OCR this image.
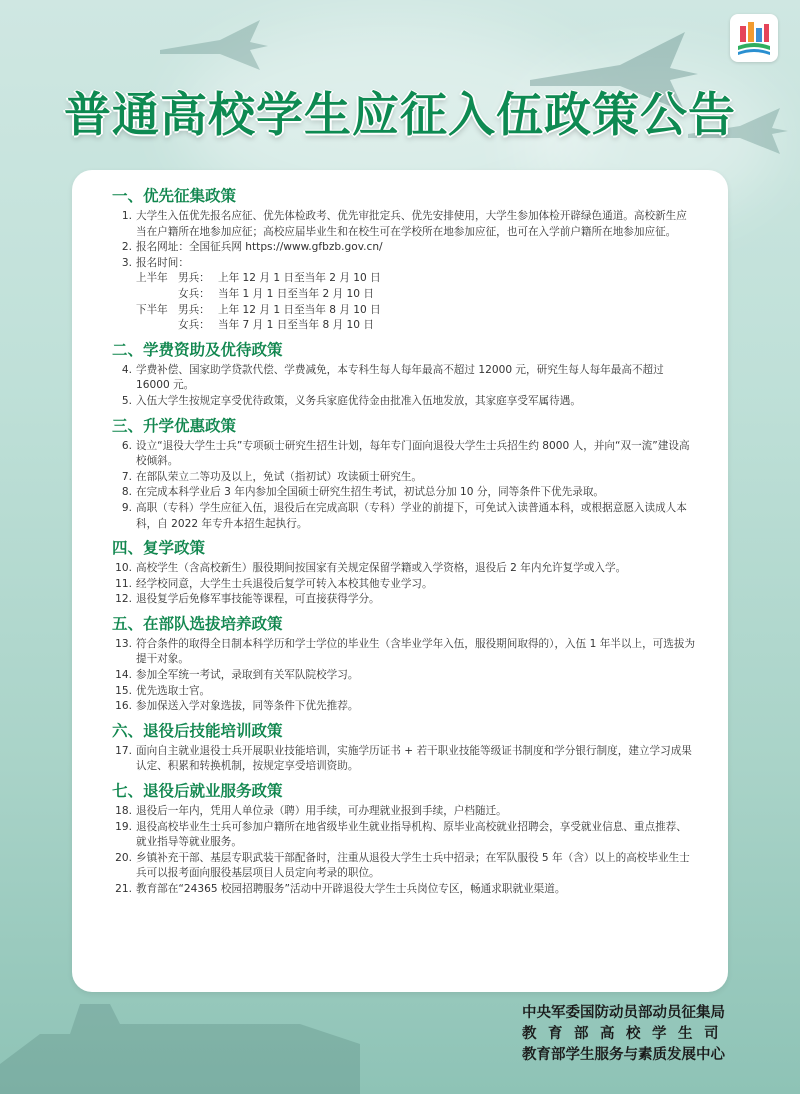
普通高校学生应征入伍政策公告
一、优先征集政策
1. 大学生入伍优先报名应征、优先体检政考、优先审批定兵、优先安排使用，大学生参加体检开辟绿色通道。高校新生应当在户籍所在地参加应征；高校应届毕业生和在校生可在学校所在地参加应征，也可在入学前户籍所在地参加应征。
2. 报名网址：全国征兵网 https://www.gfbzb.gov.cn/
3. 报名时间：
上半年 男兵： 上年 12 月 1 日至当年 2 月 10 日
女兵： 当年 1 月 1 日至当年 2 月 10 日
下半年 男兵： 上年 12 月 1 日至当年 8 月 10 日
女兵： 当年 7 月 1 日至当年 8 月 10 日
二、学费资助及优待政策
4. 学费补偿、国家助学贷款代偿、学费减免，本专科生每人每年最高不超过 12000 元，研究生每人每年最高不超过 16000 元。
5. 入伍大学生按规定享受优待政策，义务兵家庭优待金由批准入伍地发放，其家庭享受军属待遇。
三、升学优惠政策
6. 设立“退役大学生士兵”专项硕士研究生招生计划，每年专门面向退役大学生士兵招生约 8000 人，并向“双一流”建设高校倾斜。
7. 在部队荣立二等功及以上，免试（指初试）攻读硕士研究生。
8. 在完成本科学业后 3 年内参加全国硕士研究生招生考试，初试总分加 10 分，同等条件下优先录取。
9. 高职（专科）学生应征入伍，退役后在完成高职（专科）学业的前提下，可免试入读普通本科，或根据意愿入读成人本科，自 2022 年专升本招生起执行。
四、复学政策
10. 高校学生（含高校新生）服役期间按国家有关规定保留学籍或入学资格，退役后 2 年内允许复学或入学。
11. 经学校同意，大学生士兵退役后复学可转入本校其他专业学习。
12. 退役复学后免修军事技能等课程，可直接获得学分。
五、在部队选拔培养政策
13. 符合条件的取得全日制本科学历和学士学位的毕业生（含毕业学年入伍，服役期间取得的），入伍 1 年半以上，可选拔为提干对象。
14. 参加全军统一考试，录取到有关军队院校学习。
15. 优先选取士官。
16. 参加保送入学对象选拔，同等条件下优先推荐。
六、退役后技能培训政策
17. 面向自主就业退役士兵开展职业技能培训，实施学历证书 + 若干职业技能等级证书制度和学分银行制度，建立学习成果认定、积累和转换机制，按规定享受培训资助。
七、退役后就业服务政策
18. 退役后一年内，凭用人单位录（聘）用手续，可办理就业报到手续，户档随迁。
19. 退役高校毕业生士兵可参加户籍所在地省级毕业生就业指导机构、原毕业高校就业招聘会，享受就业信息、重点推荐、就业指导等就业服务。
20. 乡镇补充干部、基层专职武装干部配备时，注重从退役大学生士兵中招录；在军队服役 5 年（含）以上的高校毕业生士兵可以报考面向服役基层项目人员定向考录的职位。
21. 教育部在“24365 校园招聘服务”活动中开辟退役大学生士兵岗位专区，畅通求职就业渠道。
中央军委国防动员部动员征集局
教育部高校学生司
教育部学生服务与素质发展中心
